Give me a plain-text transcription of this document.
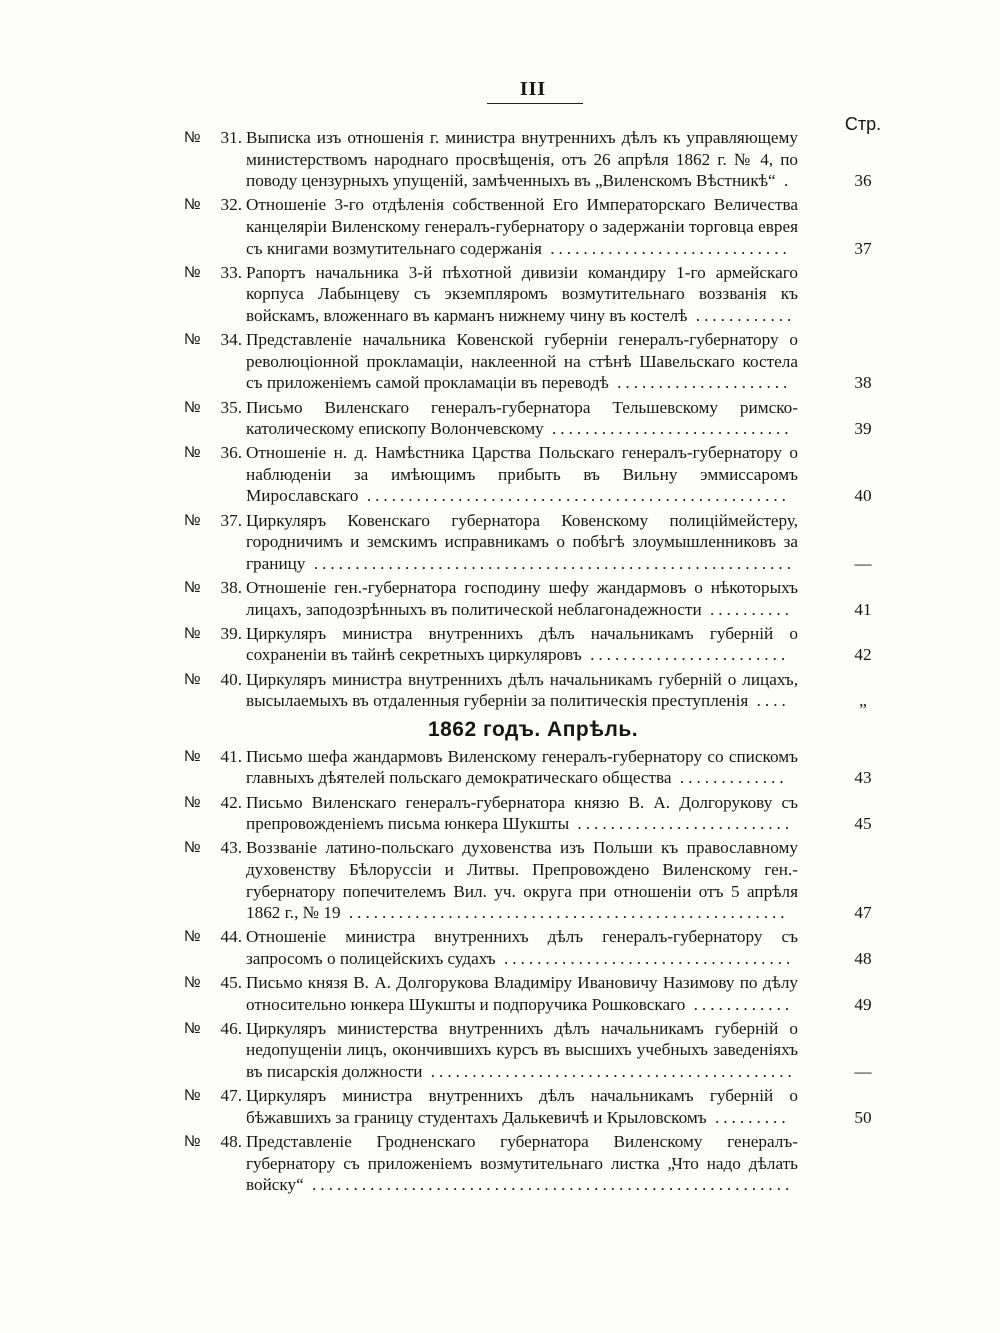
III
Стр.
№	31. Выписка изъ отношенія г. министра внутреннихъ дѣлъ къ управляющему министерствомъ народнаго просвѣщенія, отъ 26 апрѣля 1862 г. № 4, по поводу цензурныхъ упущеній, замѣченныхъ въ „Виленскомъ Вѣстникѣ“ .	36
№	32. Отношеніе 3-го отдѣленія собственной Его Императорскаго Величества канцеляріи Виленскому генералъ-губернатору о задержаніи торговца еврея съ книгами возмутительнаго содержанія .............................	37
№	33. Рапортъ начальника 3-й пѣхотной дивизіи командиру 1-го армейскаго корпуса Лабынцеву съ экземпляромъ возмутительнаго воззванія къ войскамъ, вложеннаго въ карманъ нижнему чину въ костелѣ ............
№	34. Представленіе начальника Ковенской губерніи генералъ-губернатору о революціонной прокламаціи, наклеенной на стѣнѣ Шавельскаго костела съ приложеніемъ самой прокламаціи въ переводѣ .....................	38
№	35. Письмо Виленскаго генералъ-губернатора Тельшевскому римско-католическому епископу Волончевскому .............................	39
№	36. Отношеніе н. д. Намѣстника Царства Польскаго генералъ-губернатору о наблюденіи за имѣющимъ прибыть въ Вильну эммиссаромъ Мирославскаго ...................................................	40
№	37. Циркуляръ Ковенскаго губернатора Ковенскому полиціймейстеру, городничимъ и земскимъ исправникамъ о побѣгѣ злоумышленниковъ за границу ..........................................................	—
№	38. Отношеніе ген.-губернатора господину шефу жандармовъ о нѣкоторыхъ лицахъ, заподозрѣнныхъ въ политической неблагонадежности ..........	41
№	39. Циркуляръ министра внутреннихъ дѣлъ начальникамъ губерній о сохраненіи въ тайнѣ секретныхъ циркуляровъ ........................	42
№	40. Циркуляръ министра внутреннихъ дѣлъ начальникамъ губерній о лицахъ, высылаемыхъ въ отдаленныя губерніи за политическія преступленія ....	„
1862 годъ. Апрѣль.
№	41. Письмо шефа жандармовъ Виленскому генералъ-губернатору со спискомъ главныхъ дѣятелей польскаго демократическаго общества .............	43
№	42. Письмо Виленскаго генералъ-губернатора князю В. А. Долгорукову съ препровожденіемъ письма юнкера Шукшты ..........................	45
№	43. Воззваніе латино-польскаго духовенства изъ Польши къ православному духовенству Бѣлоруссіи и Литвы. Препровождено Виленскому ген.-губернатору попечителемъ Вил. уч. округа при отношеніи отъ 5 апрѣля 1862 г., № 19 .....................................................	47
№	44. Отношеніе министра внутреннихъ дѣлъ генералъ-губернатору съ запросомъ о полицейскихъ судахъ ...................................	48
№	45. Письмо князя В. А. Долгорукова Владиміру Ивановичу Назимову по дѣлу относительно юнкера Шукшты и подпоручика Рошковскаго ............	49
№	46. Циркуляръ министерства внутреннихъ дѣлъ начальникамъ губерній о недопущеніи лицъ, окончившихъ курсъ въ высшихъ учебныхъ заведеніяхъ въ писарскія должности ............................................	—
№	47. Циркуляръ министра внутреннихъ дѣлъ начальникамъ губерній о бѣжавшихъ за границу студентахъ Далькевичѣ и Крыловскомъ .........	50
№	48. Представленіе Гродненскаго губернатора Виленскому генералъ-губернатору съ приложеніемъ возмутительнаго листка „Что надо дѣлать войску“ ..........................................................
